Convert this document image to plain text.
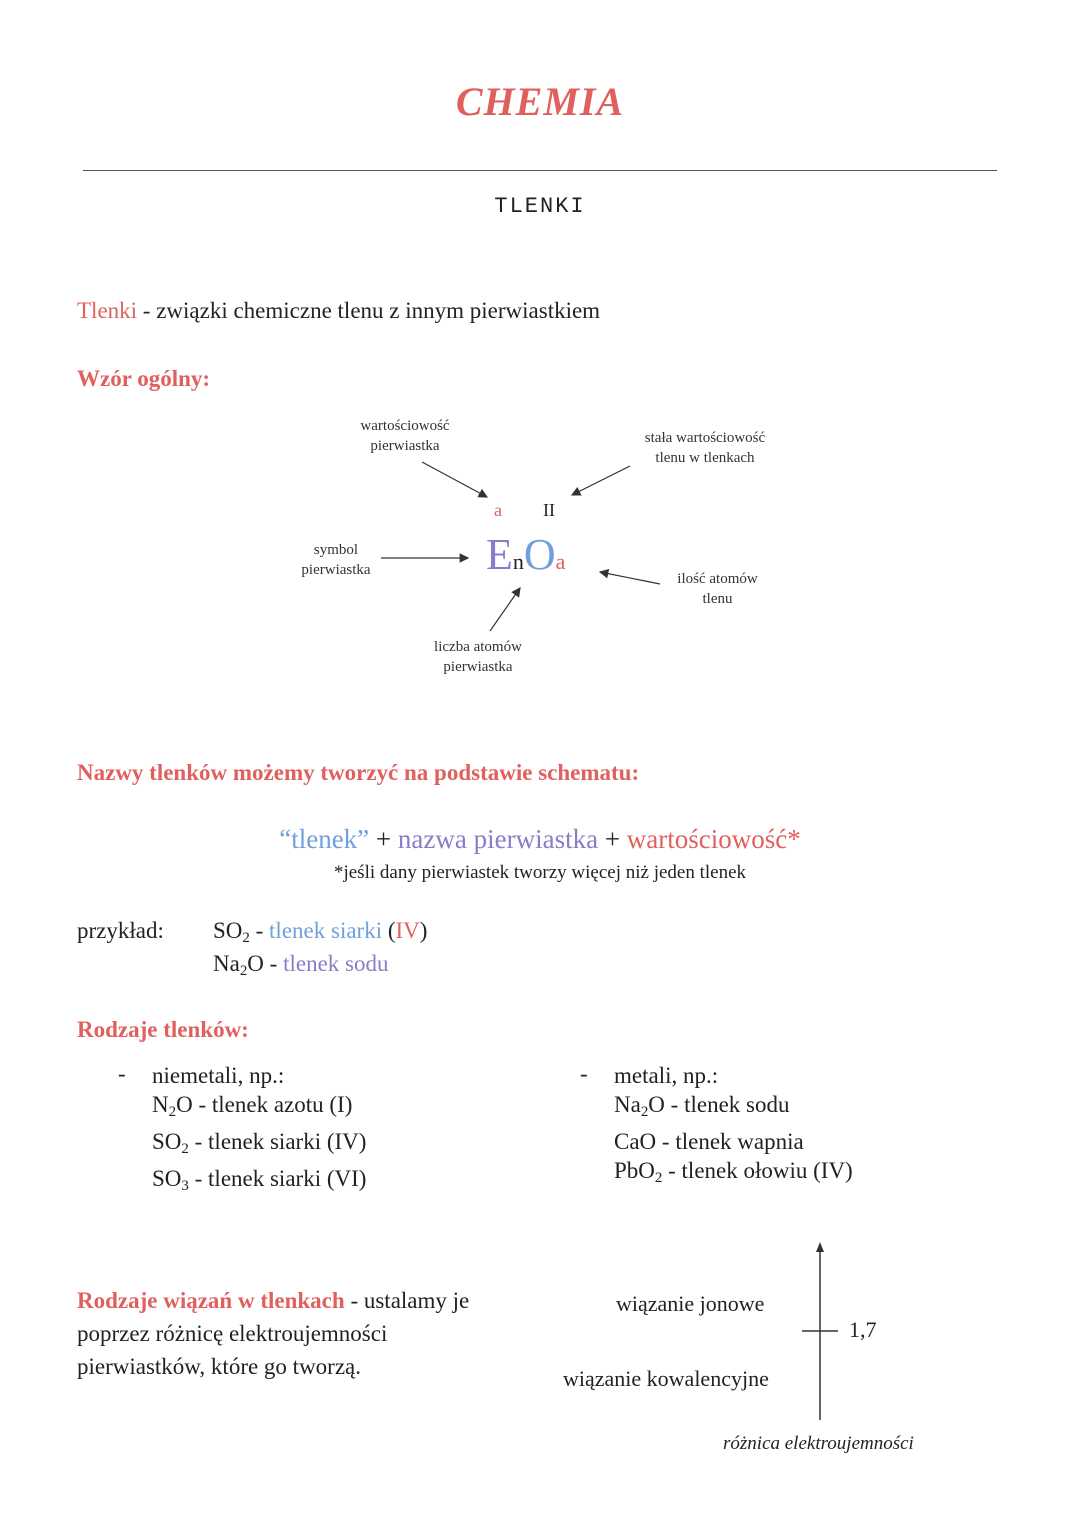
CHEMIA
TLENKI
Tlenki - związki chemiczne tlenu z innym pierwiastkiem
Wzór ogólny:
wartościowość
pierwiastka	stała wartościowość
tlenu w tlenkach
symbol
pierwiastka
ilość atomów
tlenu
liczba atomów
pierwiastka
a II
EnOa
Nazwy tlenków możemy tworzyć na podstawie schematu:
“tlenek” + nazwa pierwiastka + wartościowość*
*jeśli dany pierwiastek tworzy więcej niż jeden tlenek
przykład: $SO_2$ - tlenek siarki (IV)
$Na_2O$ - tlenek sodu
Rodzaje tlenków:
- niemetali, np.:
$N_2O$ - tlenek azotu (I)
$SO_2$ - tlenek siarki (IV)
$SO_3$ - tlenek siarki (VI)
- metali, np.:
$Na_2O$ - tlenek sodu
CaO - tlenek wapnia
PbO$_2$ - tlenek ołowiu (IV)
Rodzaje wiązań w tlenkach - ustalamy je
poprzez różnicę elektroujemności
pierwiastków, które go tworzą.
wiązanie jonowe
1,7
wiązanie kowalencyjne
różnica elektroujemności
